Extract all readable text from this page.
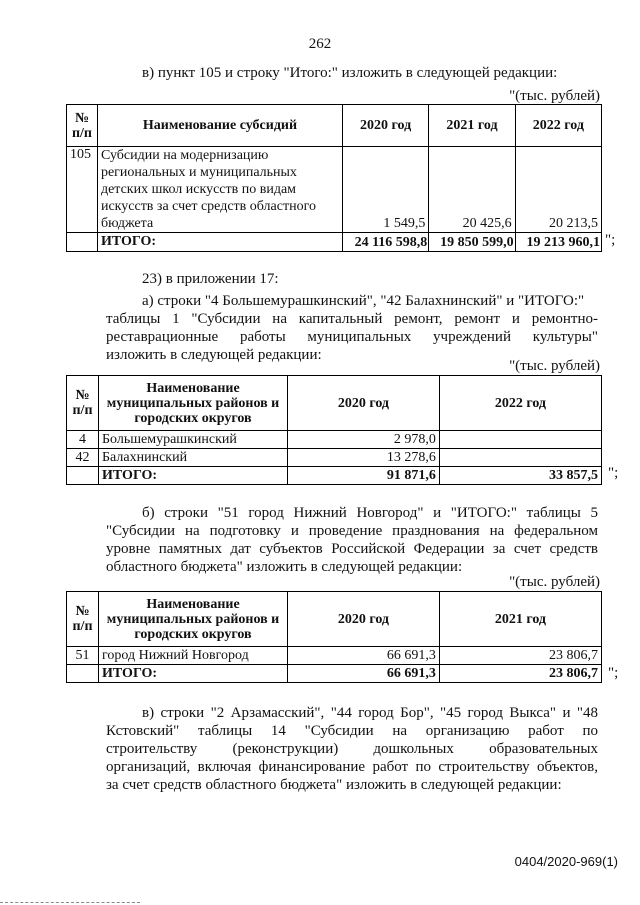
262
в) пункт 105 и строку "Итого:" изложить в следующей редакции:
"(тыс. рублей)
№ п/п	Наименование субсидий	2020 год	2021 год	2022 год
105	Субсидии на модернизацию
региональных и муниципальных
детских школ искусств по видам
искусств за счет средств областного
бюджета	1 549,5	20 425,6	20 213,5
	ИТОГО:	24 116 598,8	19 850 599,0	19 213 960,1 ";
23) в приложении 17:
а) строки "4 Большемурашкинский", "42 Балахнинский" и "ИТОГО:"
таблицы 1 "Субсидии на капитальный ремонт, ремонт и ремонтно-
реставрационные работы муниципальных учреждений культуры"
изложить в следующей редакции:
"(тыс. рублей)
№ п/п	Наименование муниципальных районов и городских округов	2020 год	2022 год
4	Большемурашкинский	2 978,0	
42	Балахнинский	13 278,6	
	ИТОГО:	91 871,6	33 857,5 ";
б) строки "51 город Нижний Новгород" и "ИТОГО:" таблицы 5
"Субсидии на подготовку и проведение празднования на федеральном
уровне памятных дат субъектов Российской Федерации за счет средств
областного бюджета" изложить в следующей редакции:
"(тыс. рублей)
№ п/п	Наименование муниципальных районов и городских округов	2020 год	2021 год
51	город Нижний Новгород	66 691,3	23 806,7
	ИТОГО:	66 691,3	23 806,7 ";
в) строки "2 Арзамасский", "44 город Бор", "45 город Выкса" и "48
Кстовский" таблицы 14 "Субсидии на организацию работ по
строительству (реконструкции) дошкольных образовательных
организаций, включая финансирование работ по строительству объектов,
за счет средств областного бюджета" изложить в следующей редакции:
0404/2020-969(1)
